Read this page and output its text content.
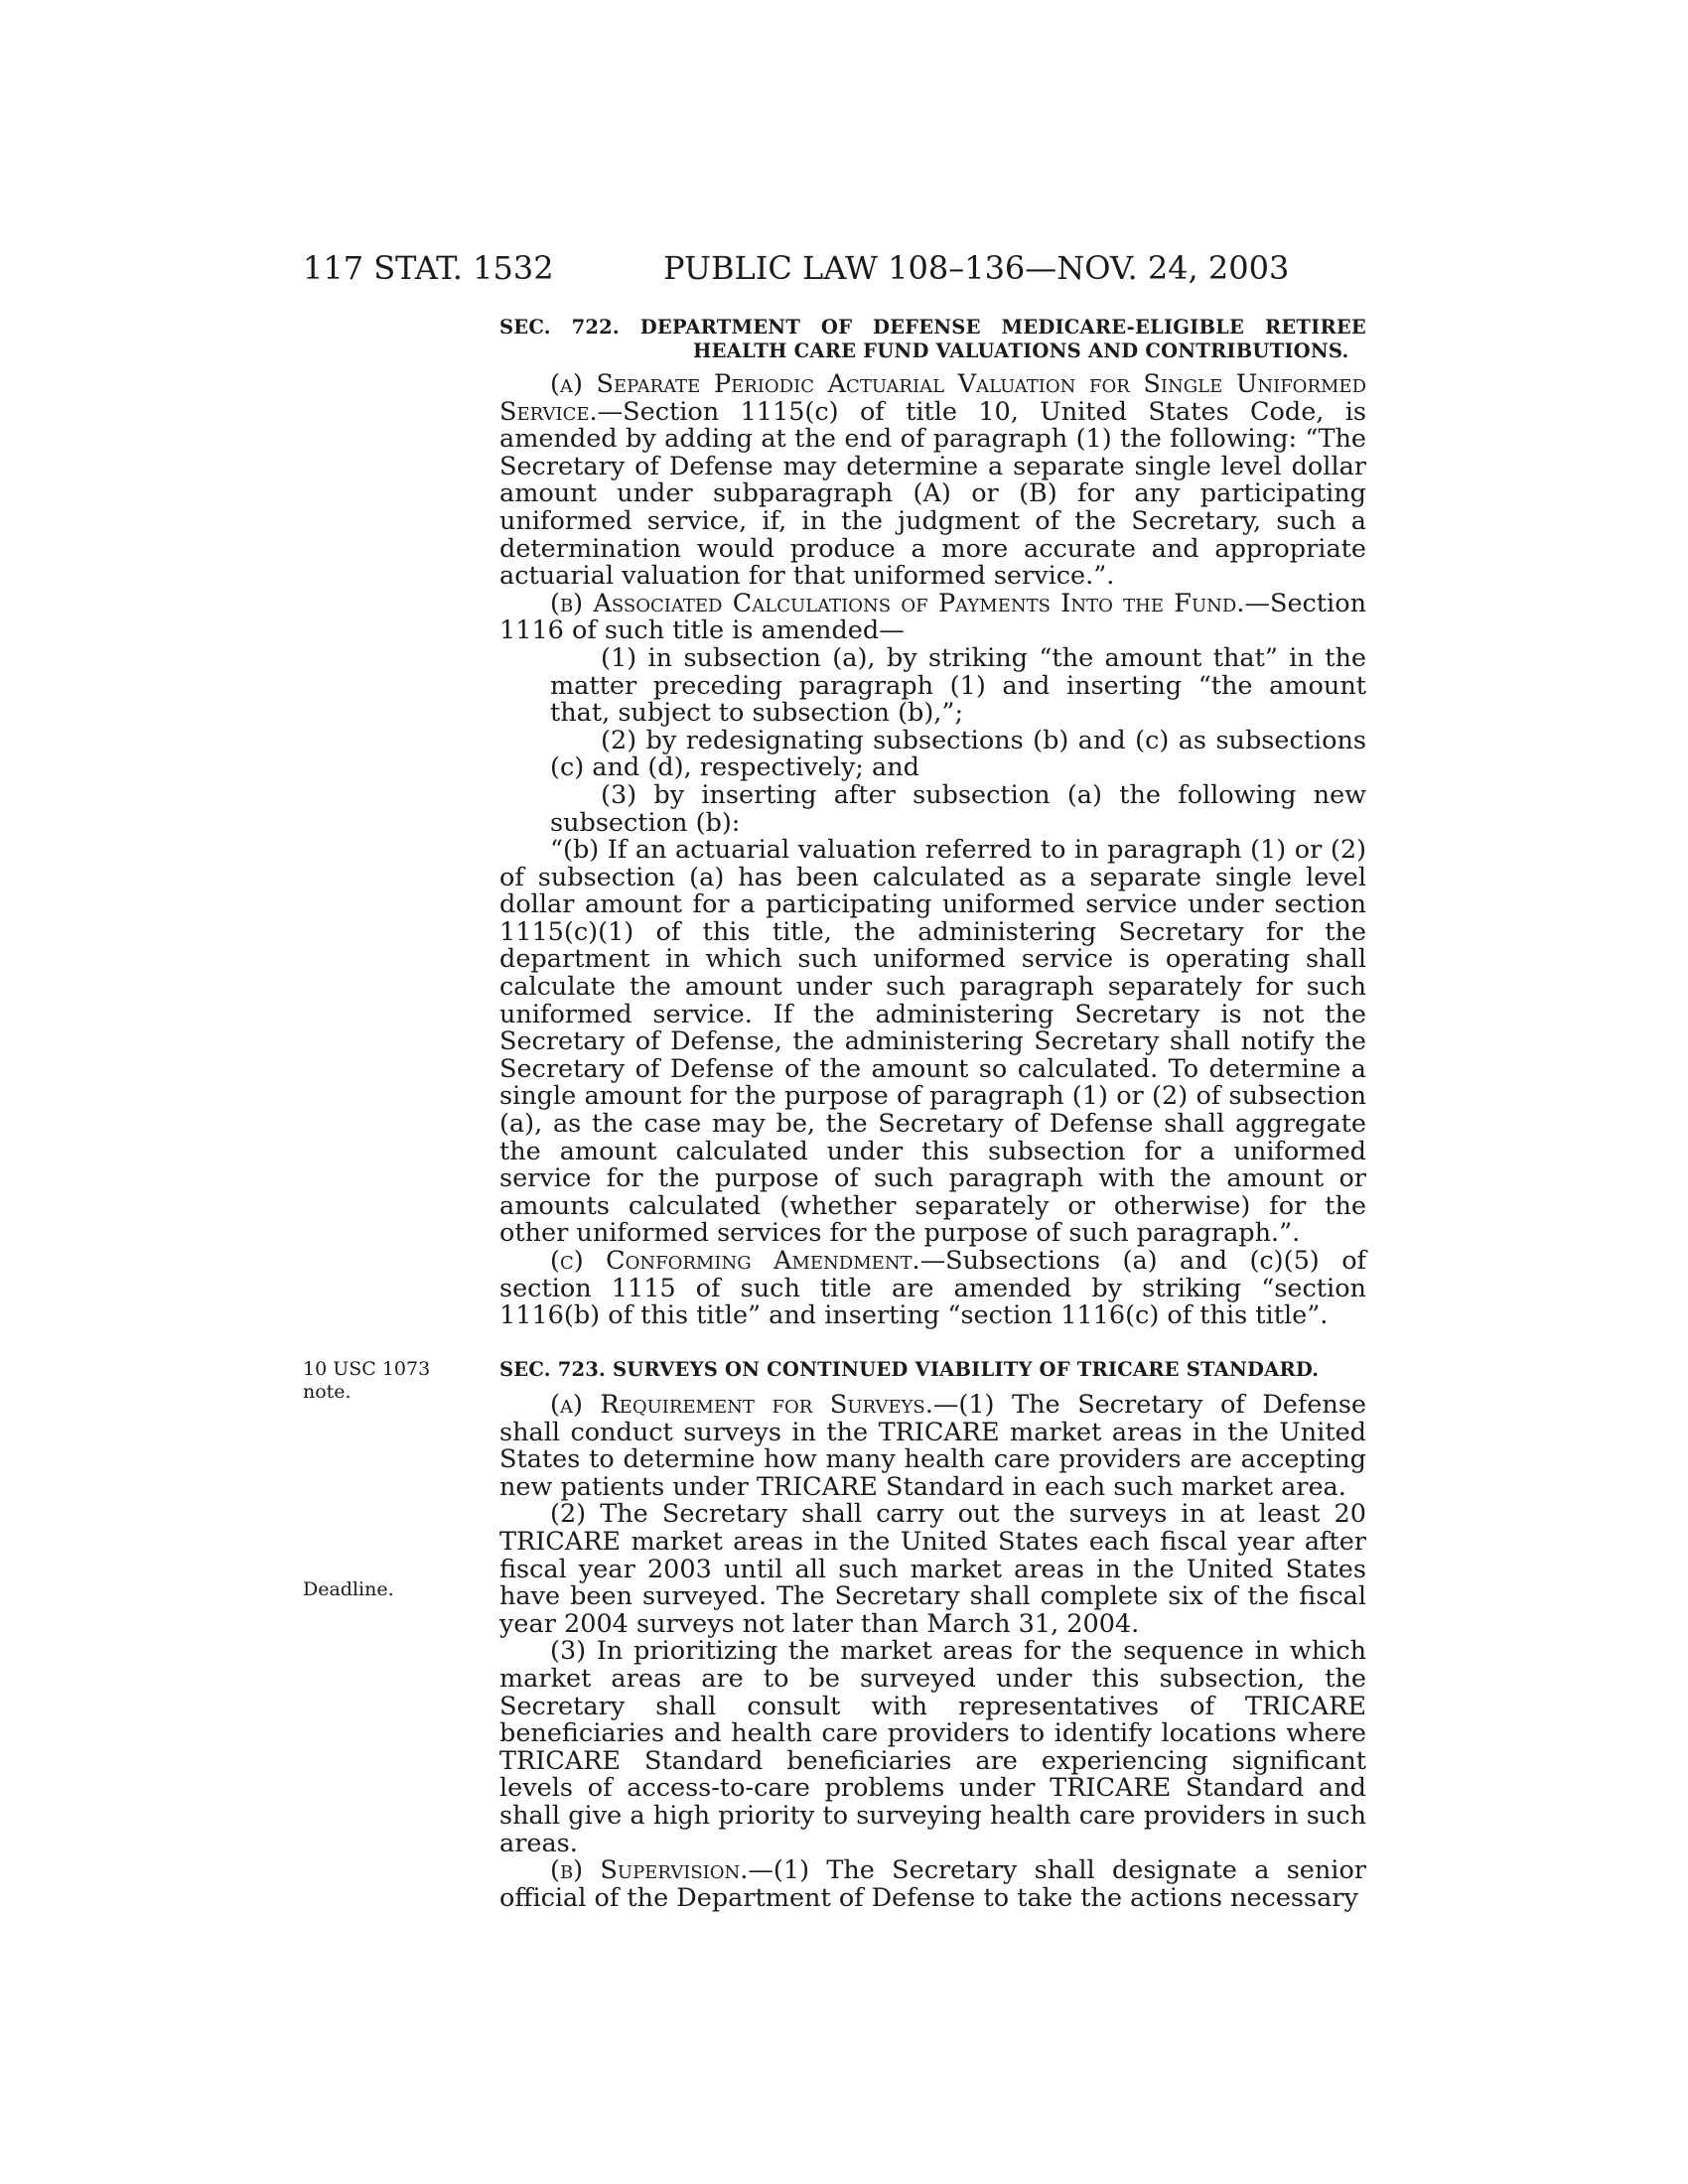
117 STAT. 1532	PUBLIC LAW 108–136—NOV. 24, 2003

SEC. 722. DEPARTMENT OF DEFENSE MEDICARE-ELIGIBLE RETIREE HEALTH CARE FUND VALUATIONS AND CONTRIBUTIONS.

(a) Separate Periodic Actuarial Valuation for Single Uniformed Service.—Section 1115(c) of title 10, United States Code, is amended by adding at the end of paragraph (1) the following: “The Secretary of Defense may determine a separate single level dollar amount under subparagraph (A) or (B) for any participating uniformed service, if, in the judgment of the Secretary, such a determination would produce a more accurate and appropriate actuarial valuation for that uniformed service.”.

(b) Associated Calculations of Payments Into the Fund.—Section 1116 of such title is amended—

(1) in subsection (a), by striking “the amount that” in the matter preceding paragraph (1) and inserting “the amount that, subject to subsection (b),”;

(2) by redesignating subsections (b) and (c) as subsections (c) and (d), respectively; and

(3) by inserting after subsection (a) the following new subsection (b):

“(b) If an actuarial valuation referred to in paragraph (1) or (2) of subsection (a) has been calculated as a separate single level dollar amount for a participating uniformed service under section 1115(c)(1) of this title, the administering Secretary for the department in which such uniformed service is operating shall calculate the amount under such paragraph separately for such uniformed service. If the administering Secretary is not the Secretary of Defense, the administering Secretary shall notify the Secretary of Defense of the amount so calculated. To determine a single amount for the purpose of paragraph (1) or (2) of subsection (a), as the case may be, the Secretary of Defense shall aggregate the amount calculated under this subsection for a uniformed service for the purpose of such paragraph with the amount or amounts calculated (whether separately or otherwise) for the other uniformed services for the purpose of such paragraph.”.

(c) Conforming Amendment.—Subsections (a) and (c)(5) of section 1115 of such title are amended by striking “section 1116(b) of this title” and inserting “section 1116(c) of this title”.

SEC. 723. SURVEYS ON CONTINUED VIABILITY OF TRICARE STANDARD.

(a) Requirement for Surveys.—(1) The Secretary of Defense shall conduct surveys in the TRICARE market areas in the United States to determine how many health care providers are accepting new patients under TRICARE Standard in each such market area.

(2) The Secretary shall carry out the surveys in at least 20 TRICARE market areas in the United States each fiscal year after fiscal year 2003 until all such market areas in the United States have been surveyed. The Secretary shall complete six of the fiscal year 2004 surveys not later than March 31, 2004.

(3) In prioritizing the market areas for the sequence in which market areas are to be surveyed under this subsection, the Secretary shall consult with representatives of TRICARE beneficiaries and health care providers to identify locations where TRICARE Standard beneficiaries are experiencing significant levels of access-to-care problems under TRICARE Standard and shall give a high priority to surveying health care providers in such areas.

(b) Supervision.—(1) The Secretary shall designate a senior official of the Department of Defense to take the actions necessary

10 USC 1073
note.
Deadline.
